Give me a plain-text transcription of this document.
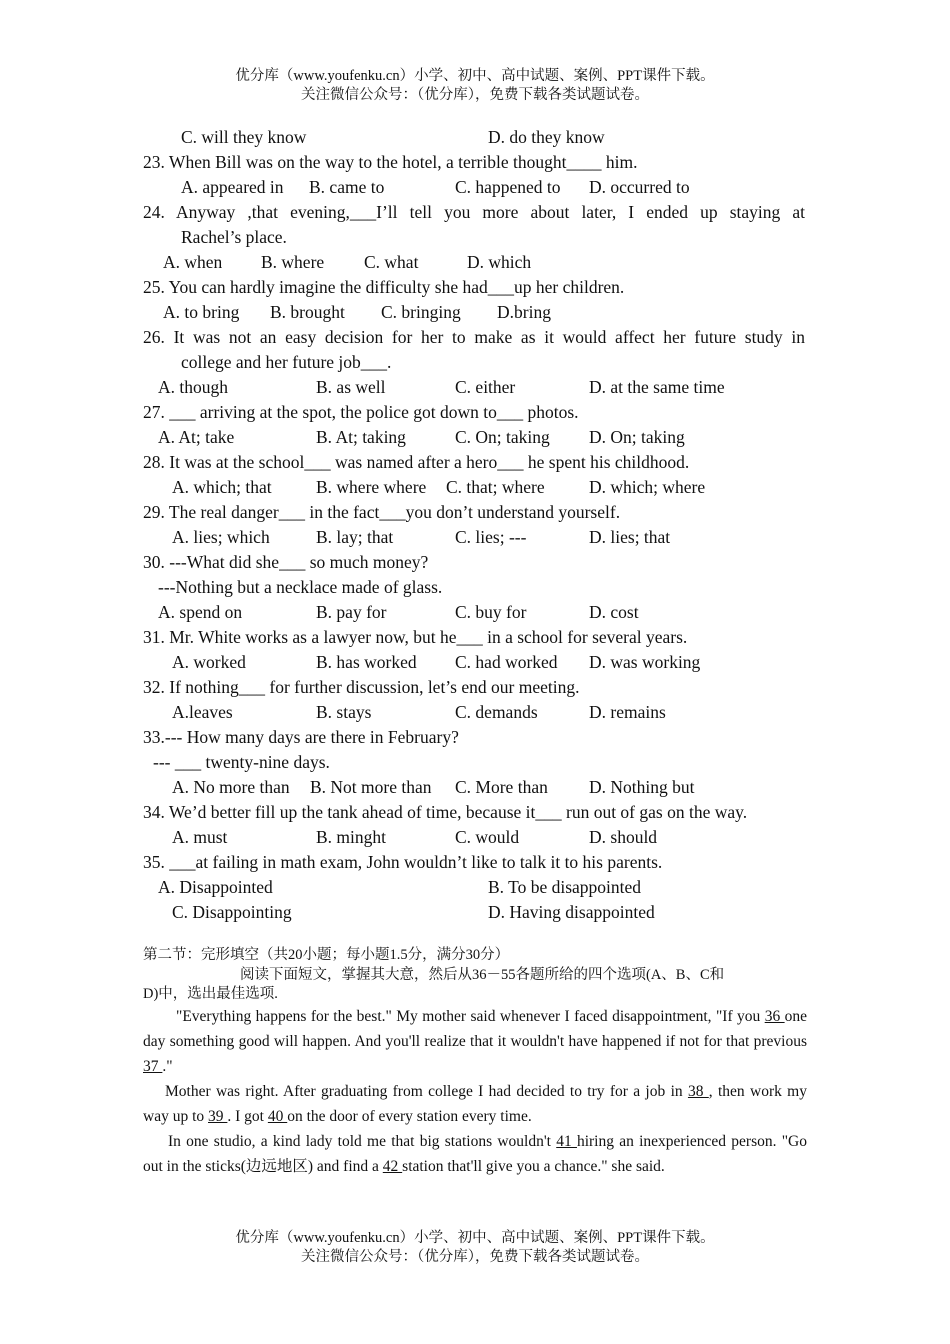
优分库（www.youfenku.cn）小学、初中、高中试题、案例、PPT课件下载。
关注微信公众号：（优分库），免费下载各类试题试卷。
C. will they know	D. do they know
23. When Bill was on the way to the hotel, a terrible thought____ him.
A. appeared in B. came to	C. happened to D. occurred to
24. Anyway ,that evening,___I’ll tell you more about later, I ended up staying at
Rachel’s place.
A. when B. where C. what	D. which
25. You can hardly imagine the difficulty she had___up her children.
A. to bring B. brought C. bringing D.bring
26. It was not an easy decision for her to make as it would affect her future study in
college and her future job___.
A. though	B. as well	C. either	D. at the same time
27. ___ arriving at the spot, the police got down to___ photos.
A. At; take	B. At; taking	C. On; taking D. On; taking
28. It was at the school___ was named after a hero___ he spent his childhood.
A. which; that	B. where where C. that; where	D. which; where
29. The real danger___ in the fact___you don’t understand yourself.
A. lies; which	B. lay; that	C. lies; ---	D. lies; that
30. ---What did she___ so much money?
---Nothing but a necklace made of glass.
A. spend on	B. pay for	C. buy for	D. cost
31. Mr. White works as a lawyer now, but he___ in a school for several years.
A. worked	B. has worked C. had worked D. was working
32. If nothing___ for further discussion, let’s end our meeting.
A.leaves	B. stays	C. demands	D. remains
33.--- How many days are there in February?
--- ___ twenty-nine days.
A. No more than B. Not more than C. More than D. Nothing but
34. We’d better fill up the tank ahead of time, because it___ run out of gas on the way.
A. must	B. minght	C. would	D. should
35. ___at failing in math exam, John wouldn’t like to talk it to his parents.
A. Disappointed	B. To be disappointed
C. Disappointing	D. Having disappointed
第二节：完形填空（共20小题；每小题1.5分，满分30分）
阅读下面短文，掌握其大意，然后从36－55各题所给的四个选项(A、B、C和
D)中，选出最佳选项.
"Everything happens for the best." My mother said whenever I faced disappointment, "If you 36 one day something good will happen. And you'll realize that it wouldn't have happened if not for that previous 37 ."
Mother was right. After graduating from college I had decided to try for a job in 38 , then work my way up to 39 . I got 40 on the door of every station every time.
In one studio, a kind lady told me that big stations wouldn't 41 hiring an inexperienced person. "Go out in the sticks(边远地区) and find a 42 station that'll give you a chance." she said.
优分库（www.youfenku.cn）小学、初中、高中试题、案例、PPT课件下载。
关注微信公众号：（优分库），免费下载各类试题试卷。
